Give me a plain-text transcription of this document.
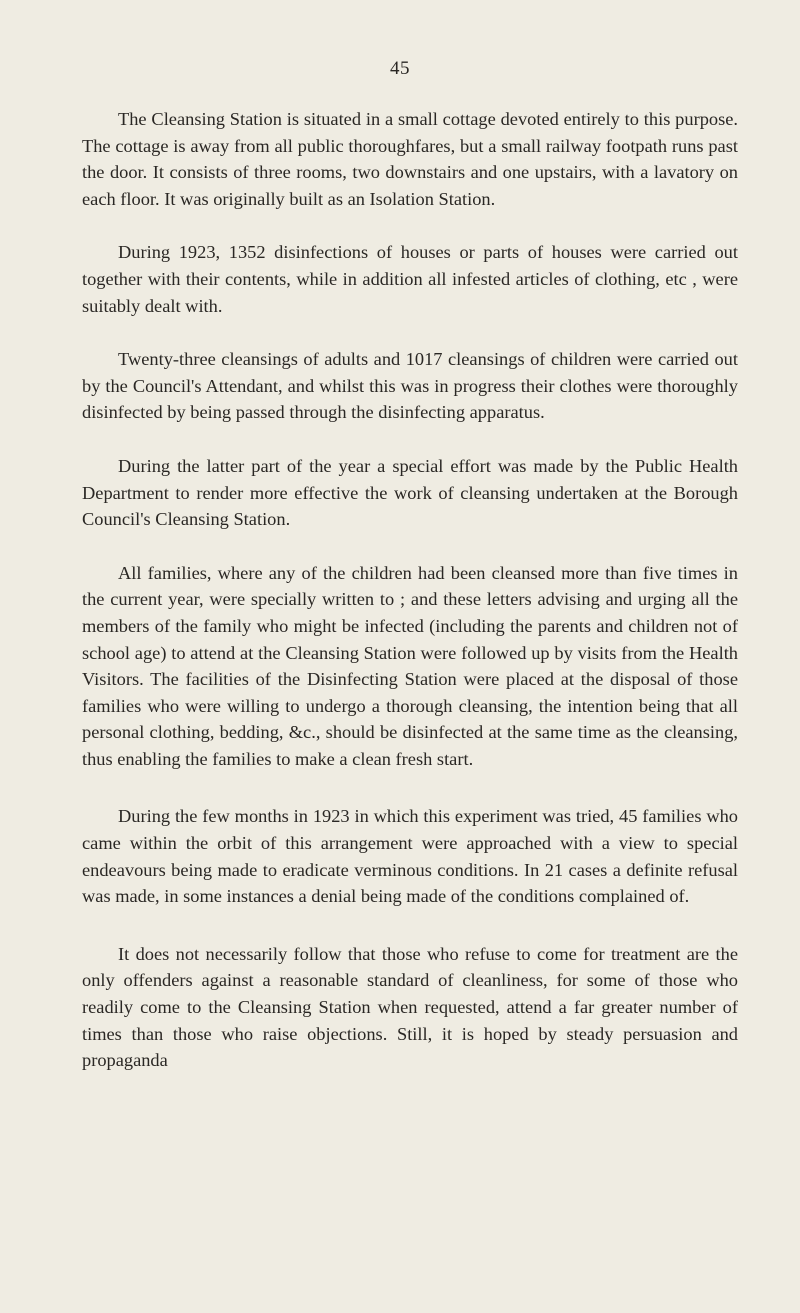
45

The Cleansing Station is situated in a small cottage devoted entirely to this purpose. The cottage is away from all public thoroughfares, but a small railway footpath runs past the door. It consists of three rooms, two downstairs and one upstairs, with a lavatory on each floor. It was originally built as an Isolation Station.

During 1923, 1352 disinfections of houses or parts of houses were carried out together with their contents, while in addition all infested articles of clothing, etc , were suitably dealt with.

Twenty-three cleansings of adults and 1017 cleansings of children were carried out by the Council's Attendant, and whilst this was in progress their clothes were thoroughly disinfected by being passed through the disinfecting apparatus.

During the latter part of the year a special effort was made by the Public Health Department to render more effective the work of cleansing undertaken at the Borough Council's Cleansing Station.

All families, where any of the children had been cleansed more than five times in the current year, were specially written to ; and these letters advising and urging all the members of the family who might be infected (including the parents and children not of school age) to attend at the Cleansing Station were followed up by visits from the Health Visitors. The facilities of the Disinfecting Station were placed at the disposal of those families who were willing to undergo a thorough cleansing, the intention being that all personal clothing, bedding, &c., should be disinfected at the same time as the cleansing, thus enabling the families to make a clean fresh start.

During the few months in 1923 in which this experiment was tried, 45 families who came within the orbit of this arrangement were approached with a view to special endeavours being made to eradicate verminous conditions. In 21 cases a definite refusal was made, in some instances a denial being made of the conditions complained of.

It does not necessarily follow that those who refuse to come for treatment are the only offenders against a reasonable standard of cleanliness, for some of those who readily come to the Cleansing Station when requested, attend a far greater number of times than those who raise objections. Still, it is hoped by steady persuasion and propaganda
